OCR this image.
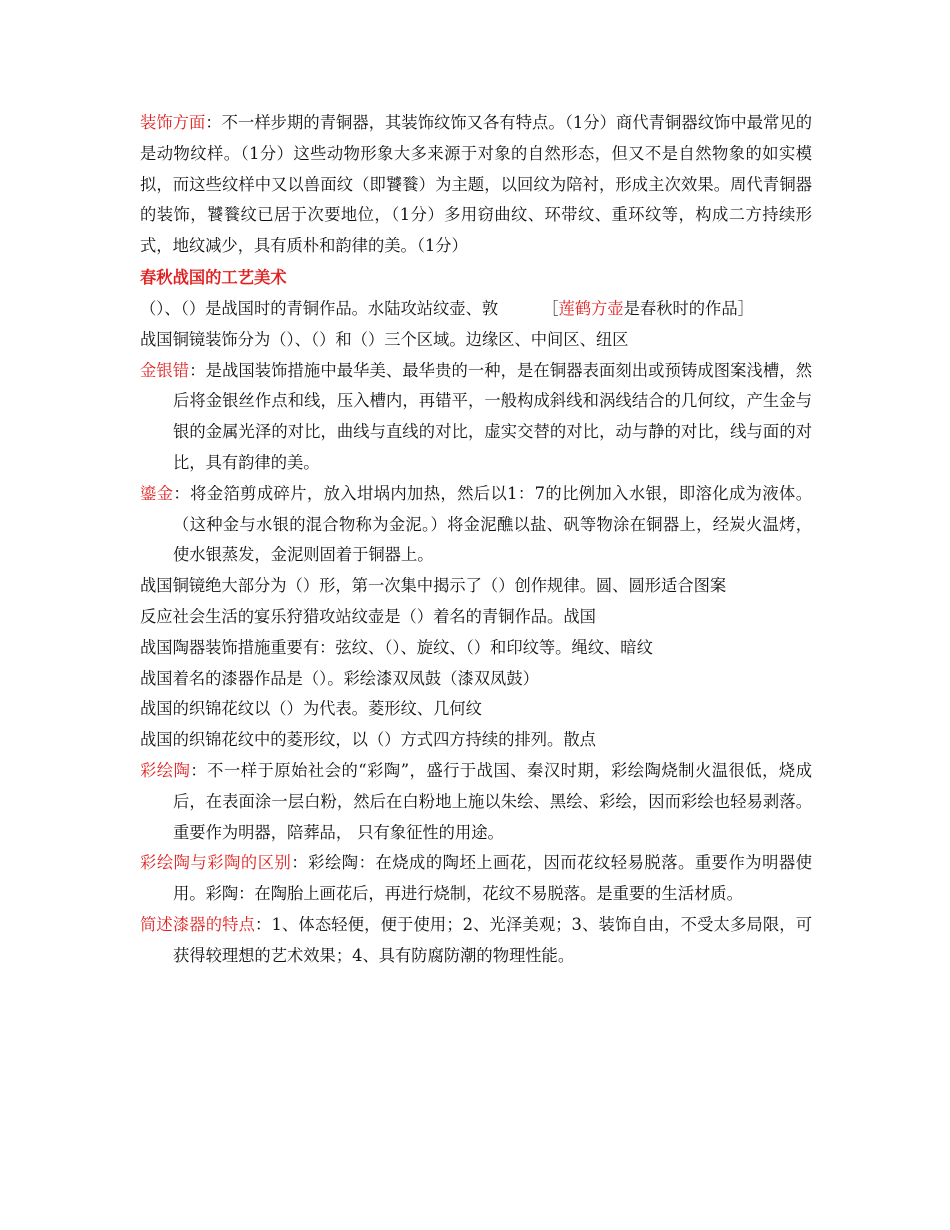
装饰方面：不一样步期的青铜器，其装饰纹饰又各有特点。（1分）商代青铜器纹饰中最常见的是动物纹样。（1分）这些动物形象大多来源于对象的自然形态，但又不是自然物象的如实模拟，而这些纹样中又以兽面纹（即饕餮）为主题，以回纹为陪衬，形成主次效果。周代青铜器的装饰，饕餮纹已居于次要地位，（1分）多用窃曲纹、环带纹、重环纹等，构成二方持续形式，地纹减少，具有质朴和韵律的美。（1分）

春秋战国的工艺美术

（）、（）是战国时的青铜作品。水陆攻站纹壶、敦	［莲鹤方壶是春秋时的作品］

战国铜镜装饰分为（）、（）和（）三个区域。边缘区、中间区、纽区

金银错：是战国装饰措施中最华美、最华贵的一种，是在铜器表面刻出或预铸成图案浅槽，然后将金银丝作点和线，压入槽内，再错平，一般构成斜线和涡线结合的几何纹，产生金与银的金属光泽的对比，曲线与直线的对比，虚实交替的对比，动与静的对比，线与面的对比，具有韵律的美。

鎏金：将金箔剪成碎片，放入坩埚内加热，然后以1：7的比例加入水银，即溶化成为液体。（这种金与水银的混合物称为金泥。）将金泥醮以盐、矾等物涂在铜器上，经炭火温烤，使水银蒸发，金泥则固着于铜器上。

战国铜镜绝大部分为（）形，第一次集中揭示了（）创作规律。圆、圆形适合图案

反应社会生活的宴乐狩猎攻站纹壶是（）着名的青铜作品。战国

战国陶器装饰措施重要有：弦纹、（）、旋纹、（）和印纹等。绳纹、暗纹

战国着名的漆器作品是（）。彩绘漆双凤鼓（漆双凤鼓）

战国的织锦花纹以（）为代表。菱形纹、几何纹

战国的织锦花纹中的菱形纹，以（）方式四方持续的排列。散点

彩绘陶：不一样于原始社会的“彩陶”，盛行于战国、秦汉时期，彩绘陶烧制火温很低，烧成后，在表面涂一层白粉，然后在白粉地上施以朱绘、黑绘、彩绘，因而彩绘也轻易剥落。重要作为明器，陪葬品， 只有象征性的用途。

彩绘陶与彩陶的区别：彩绘陶：在烧成的陶坯上画花，因而花纹轻易脱落。重要作为明器使用。彩陶：在陶胎上画花后，再进行烧制，花纹不易脱落。是重要的生活材质。

简述漆器的特点：1、体态轻便，便于使用；2、光泽美观；3、装饰自由，不受太多局限，可获得较理想的艺术效果；4、具有防腐防潮的物理性能。
